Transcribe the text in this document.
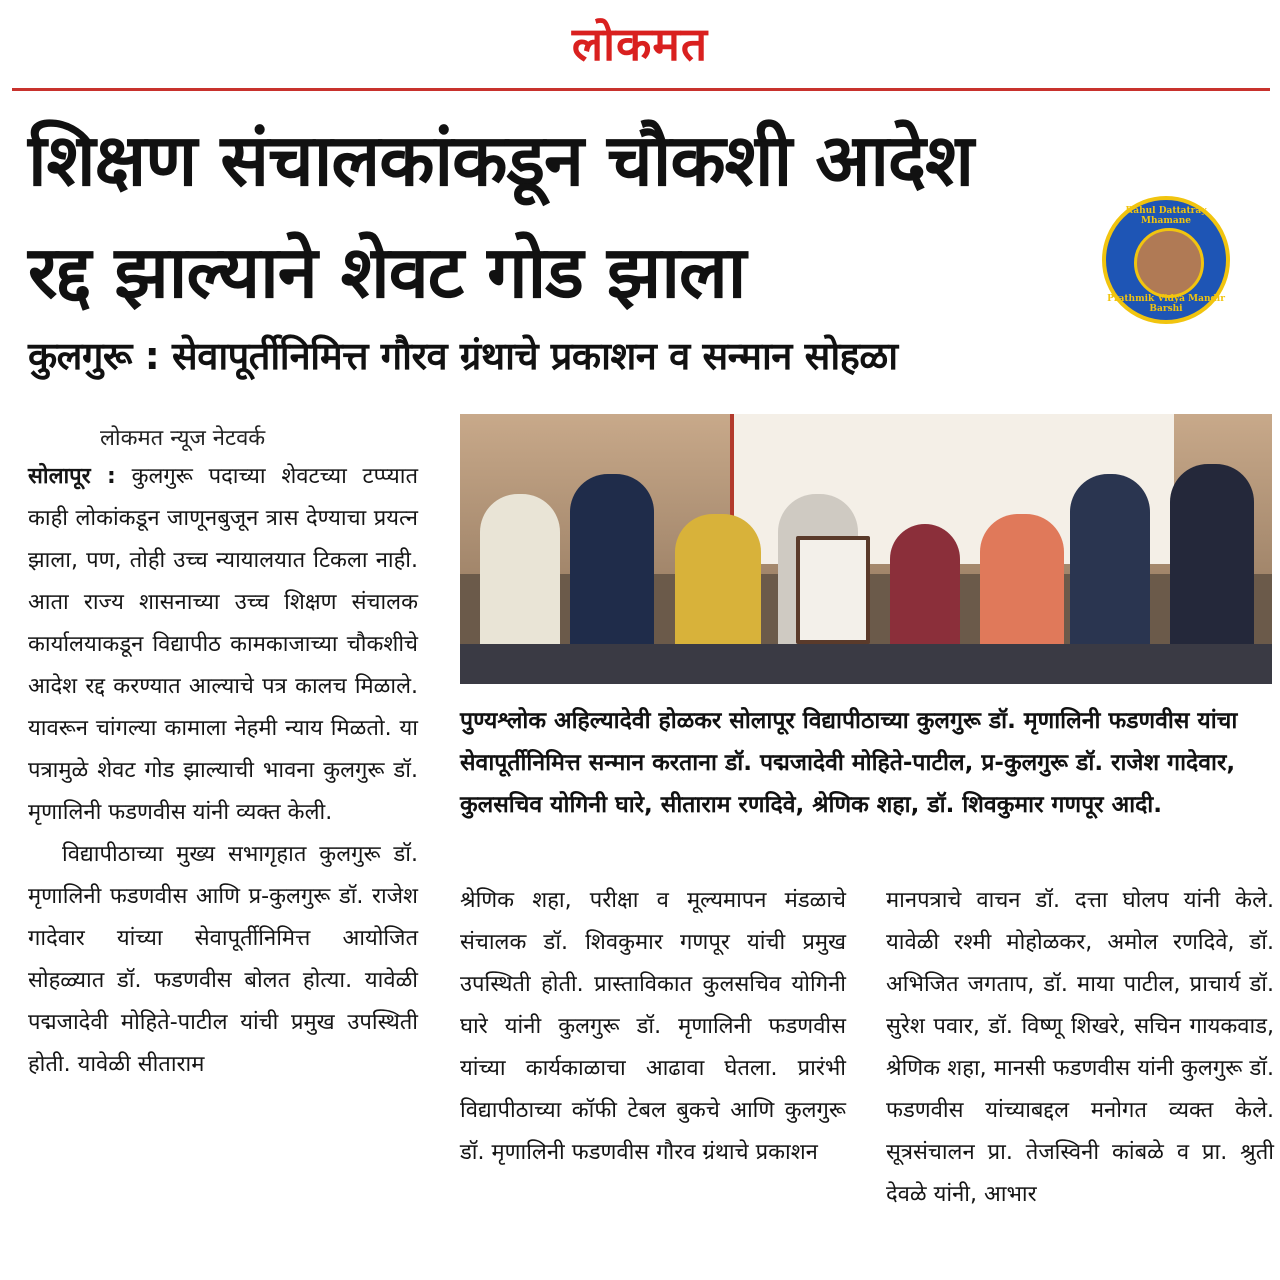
लोकमत
शिक्षण संचालकांकडून चौकशी आदेश
रद्द झाल्याने शेवट गोड झाला
Rahul Dattatray Mhamane
Prathmik Vidya Mandir Barshi
कुलगुरू : सेवापूर्तीनिमित्त गौरव ग्रंथाचे प्रकाशन व सन्मान सोहळा
लोकमत न्यूज नेटवर्क

सोलापूर : कुलगुरू पदाच्या शेवटच्या टप्प्यात काही लोकांकडून जाणूनबुजून त्रास देण्याचा प्रयत्न झाला, पण, तोही उच्च न्यायालयात टिकला नाही. आता राज्य शासनाच्या उच्च शिक्षण संचालक कार्यालयाकडून विद्यापीठ कामकाजाच्या चौकशीचे आदेश रद्द करण्यात आल्याचे पत्र कालच मिळाले. यावरून चांगल्या कामाला नेहमी न्याय मिळतो. या पत्रामुळे शेवट गोड झाल्याची भावना कुलगुरू डॉ. मृणालिनी फडणवीस यांनी व्यक्त केली.

विद्यापीठाच्या मुख्य सभागृहात कुलगुरू डॉ. मृणालिनी फडणवीस आणि प्र-कुलगुरू डॉ. राजेश गादेवार यांच्या सेवापूर्तीनिमित्त आयोजित सोहळ्यात डॉ. फडणवीस बोलत होत्या. यावेळी पद्मजादेवी मोहिते-पाटील यांची प्रमुख उपस्थिती होती. यावेळी सीताराम

पुण्यश्लोक अहिल्यादेवी होळकर सोलापूर विद्यापीठाच्या कुलगुरू डॉ. मृणालिनी फडणवीस यांचा सेवापूर्तीनिमित्त सन्मान करताना डॉ. पद्मजादेवी मोहिते-पाटील, प्र-कुलगुरू डॉ. राजेश गादेवार, कुलसचिव योगिनी घारे, सीताराम रणदिवे, श्रेणिक शहा, डॉ. शिवकुमार गणपूर आदी.
श्रेणिक शहा, परीक्षा व मूल्यमापन मंडळाचे संचालक डॉ. शिवकुमार गणपूर यांची प्रमुख उपस्थिती होती. प्रास्ताविकात कुलसचिव योगिनी घारे यांनी कुलगुरू डॉ. मृणालिनी फडणवीस यांच्या कार्यकाळाचा आढावा घेतला. प्रारंभी विद्यापीठाच्या कॉफी टेबल बुकचे आणि कुलगुरू डॉ. मृणालिनी फडणवीस गौरव ग्रंथाचे प्रकाशन
मानपत्राचे वाचन डॉ. दत्ता घोलप यांनी केले. यावेळी रश्मी मोहोळकर, अमोल रणदिवे, डॉ. अभिजित जगताप, डॉ. माया पाटील, प्राचार्य डॉ. सुरेश पवार, डॉ. विष्णू शिखरे, सचिन गायकवाड, श्रेणिक शहा, मानसी फडणवीस यांनी कुलगुरू डॉ. फडणवीस यांच्याबद्दल मनोगत व्यक्त केले. सूत्रसंचालन प्रा. तेजस्विनी कांबळे व प्रा. श्रुती देवळे यांनी, आभार
